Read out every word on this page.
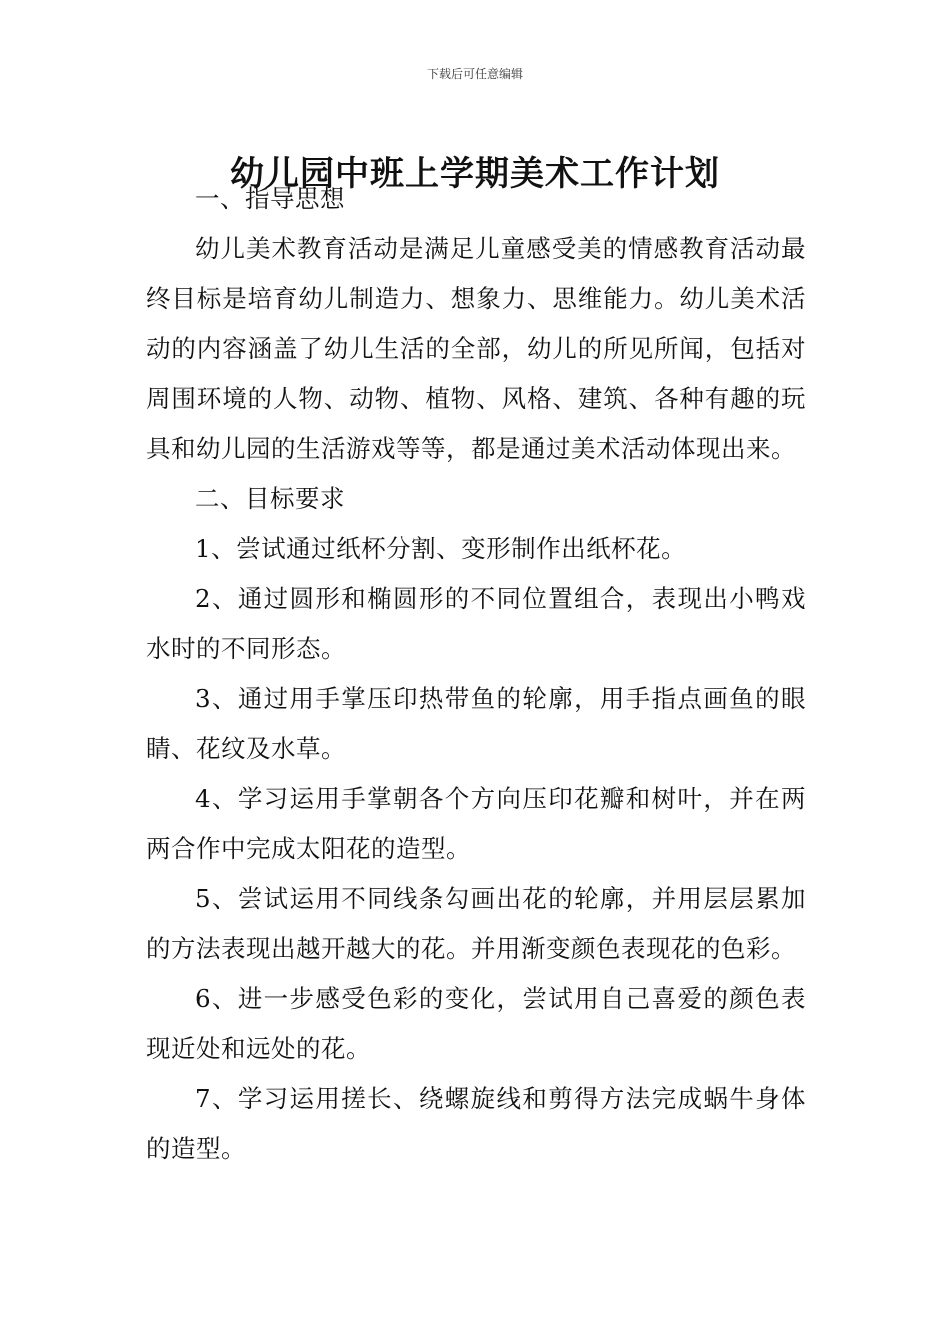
下载后可任意编辑
幼儿园中班上学期美术工作计划

一、指导思想

幼儿美术教育活动是满足儿童感受美的情感教育活动最终目标是培育幼儿制造力、想象力、思维能力。幼儿美术活动的内容涵盖了幼儿生活的全部，幼儿的所见所闻，包括对周围环境的人物、动物、植物、风格、建筑、各种有趣的玩具和幼儿园的生活游戏等等，都是通过美术活动体现出来。

二、目标要求

1、尝试通过纸杯分割、变形制作出纸杯花。

2、通过圆形和椭圆形的不同位置组合，表现出小鸭戏水时的不同形态。

3、通过用手掌压印热带鱼的轮廓，用手指点画鱼的眼睛、花纹及水草。

4、学习运用手掌朝各个方向压印花瓣和树叶，并在两两合作中完成太阳花的造型。

5、尝试运用不同线条勾画出花的轮廓，并用层层累加的方法表现出越开越大的花。并用渐变颜色表现花的色彩。

6、进一步感受色彩的变化，尝试用自己喜爱的颜色表现近处和远处的花。

7、学习运用搓长、绕螺旋线和剪得方法完成蜗牛身体的造型。
